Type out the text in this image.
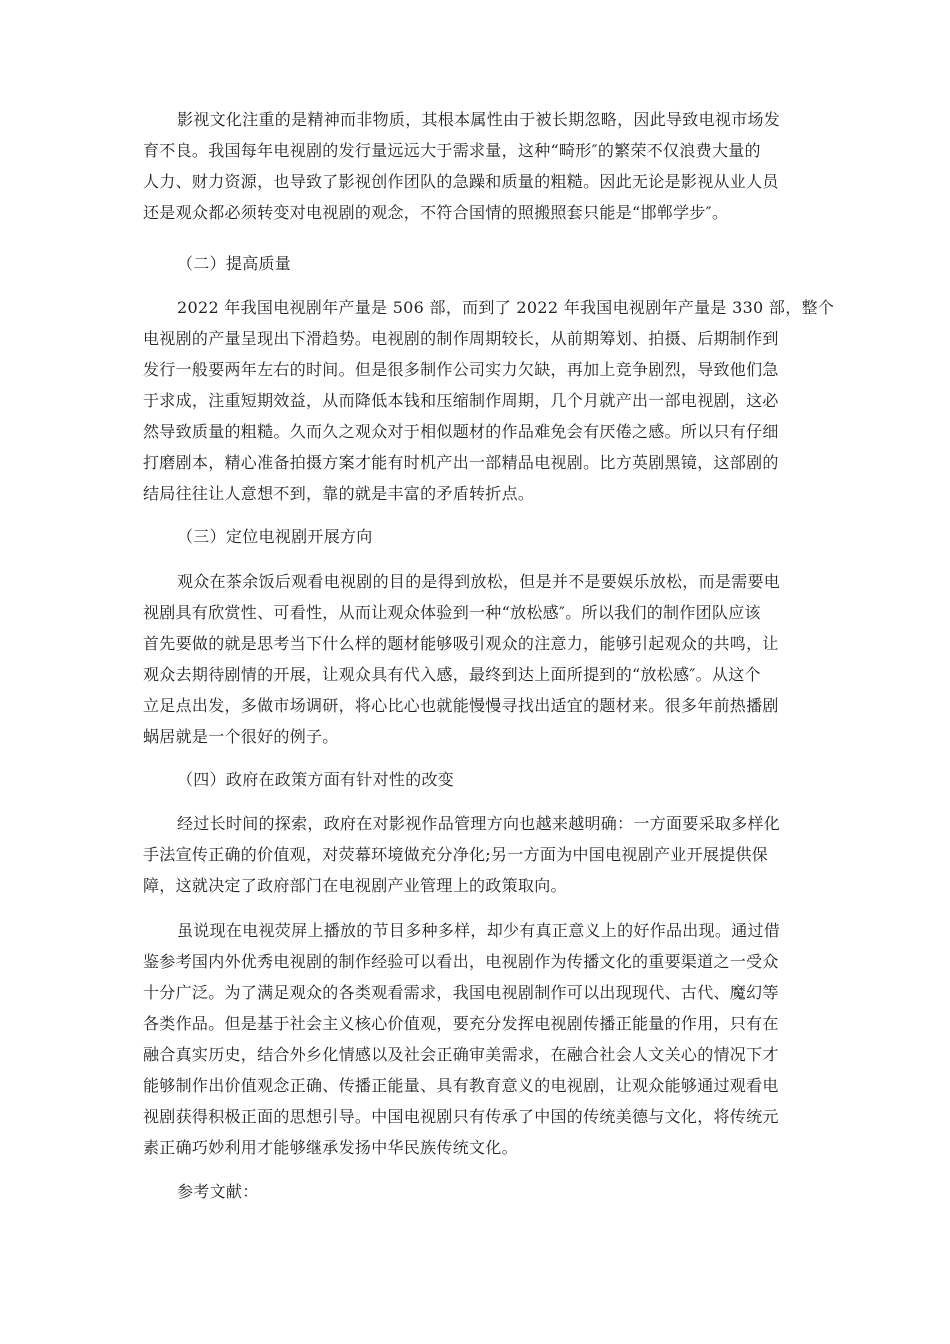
影视文化注重的是精神而非物质，其根本属性由于被长期忽略，因此导致电视市场发
育不良。我国每年电视剧的发行量远远大于需求量，这种“畸形″的繁荣不仅浪费大量的
人力、财力资源，也导致了影视创作团队的急躁和质量的粗糙。因此无论是影视从业人员
还是观众都必须转变对电视剧的观念，不符合国情的照搬照套只能是“邯郸学步″。
（二）提高质量
2022 年我国电视剧年产量是 506 部，而到了 2022 年我国电视剧年产量是 330 部，整个
电视剧的产量呈现出下滑趋势。电视剧的制作周期较长，从前期筹划、拍摄、后期制作到
发行一般要两年左右的时间。但是很多制作公司实力欠缺，再加上竞争剧烈，导致他们急
于求成，注重短期效益，从而降低本钱和压缩制作周期，几个月就产出一部电视剧，这必
然导致质量的粗糙。久而久之观众对于相似题材的作品难免会有厌倦之感。所以只有仔细
打磨剧本，精心准备拍摄方案才能有时机产出一部精品电视剧。比方英剧黑镜，这部剧的
结局往往让人意想不到，靠的就是丰富的矛盾转折点。
（三）定位电视剧开展方向
观众在茶余饭后观看电视剧的目的是得到放松，但是并不是要娱乐放松，而是需要电
视剧具有欣赏性、可看性，从而让观众体验到一种“放松感″。所以我们的制作团队应该
首先要做的就是思考当下什么样的题材能够吸引观众的注意力，能够引起观众的共鸣，让
观众去期待剧情的开展，让观众具有代入感，最终到达上面所提到的“放松感″。从这个
立足点出发，多做市场调研，将心比心也就能慢慢寻找出适宜的题材来。很多年前热播剧
蜗居就是一个很好的例子。
（四）政府在政策方面有针对性的改变
经过长时间的探索，政府在对影视作品管理方向也越来越明确：一方面要采取多样化
手法宣传正确的价值观，对荧幕环境做充分净化;另一方面为中国电视剧产业开展提供保
障，这就决定了政府部门在电视剧产业管理上的政策取向。
虽说现在电视荧屏上播放的节目多种多样，却少有真正意义上的好作品出现。通过借
鉴参考国内外优秀电视剧的制作经验可以看出，电视剧作为传播文化的重要渠道之一受众
十分广泛。为了满足观众的各类观看需求，我国电视剧制作可以出现现代、古代、魔幻等
各类作品。但是基于社会主义核心价值观，要充分发挥电视剧传播正能量的作用，只有在
融合真实历史，结合外乡化情感以及社会正确审美需求，在融合社会人文关心的情况下才
能够制作出价值观念正确、传播正能量、具有教育意义的电视剧，让观众能够通过观看电
视剧获得积极正面的思想引导。中国电视剧只有传承了中国的传统美德与文化，将传统元
素正确巧妙利用才能够继承发扬中华民族传统文化。
参考文献：
